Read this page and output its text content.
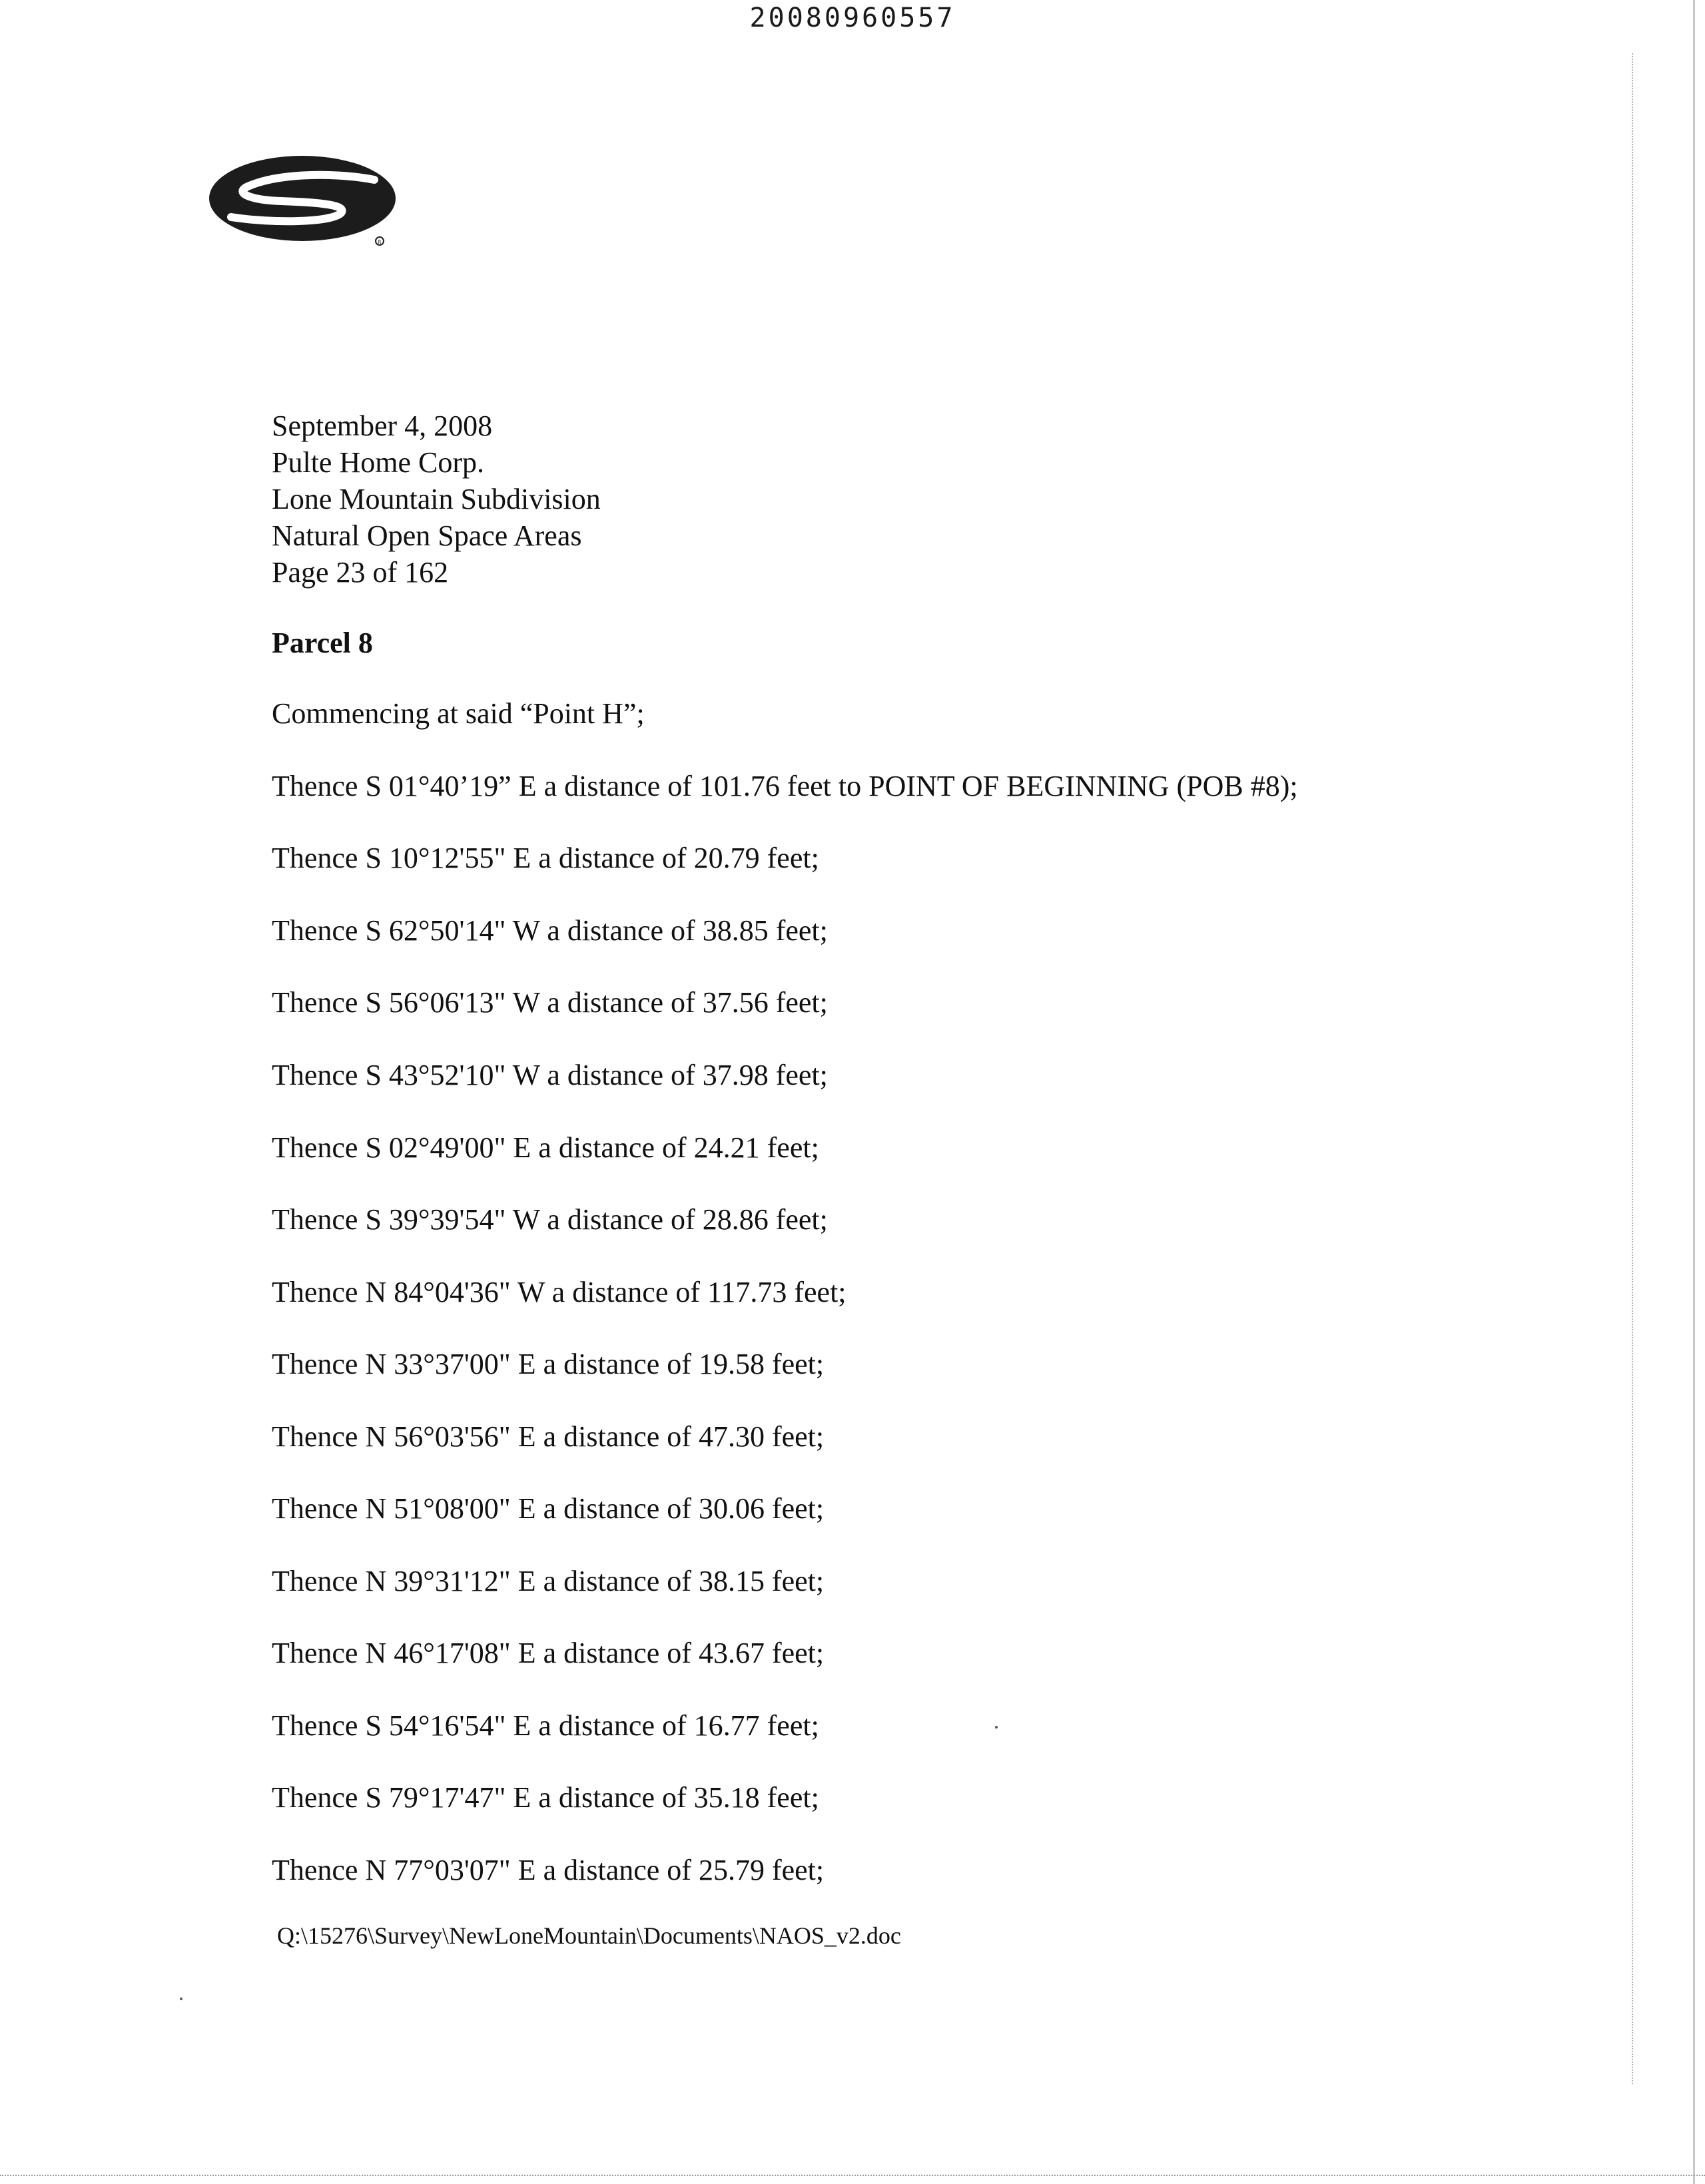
20080960557
R
September 4, 2008
Pulte Home Corp.
Lone Mountain Subdivision
Natural Open Space Areas
Page 23 of 162
Parcel 8
Commencing at said “Point H”;
Thence S 01°40’19” E a distance of 101.76 feet to POINT OF BEGINNING (POB #8);
Thence S 10°12'55" E a distance of 20.79 feet;
Thence S 62°50'14" W a distance of 38.85 feet;
Thence S 56°06'13" W a distance of 37.56 feet;
Thence S 43°52'10" W a distance of 37.98 feet;
Thence S 02°49'00" E a distance of 24.21 feet;
Thence S 39°39'54" W a distance of 28.86 feet;
Thence N 84°04'36" W a distance of 117.73 feet;
Thence N 33°37'00" E a distance of 19.58 feet;
Thence N 56°03'56" E a distance of 47.30 feet;
Thence N 51°08'00" E a distance of 30.06 feet;
Thence N 39°31'12" E a distance of 38.15 feet;
Thence N 46°17'08" E a distance of 43.67 feet;
Thence S 54°16'54" E a distance of 16.77 feet;
Thence S 79°17'47" E a distance of 35.18 feet;
Thence N 77°03'07" E a distance of 25.79 feet;
Q:\15276\Survey\NewLoneMountain\Documents\NAOS_v2.doc
